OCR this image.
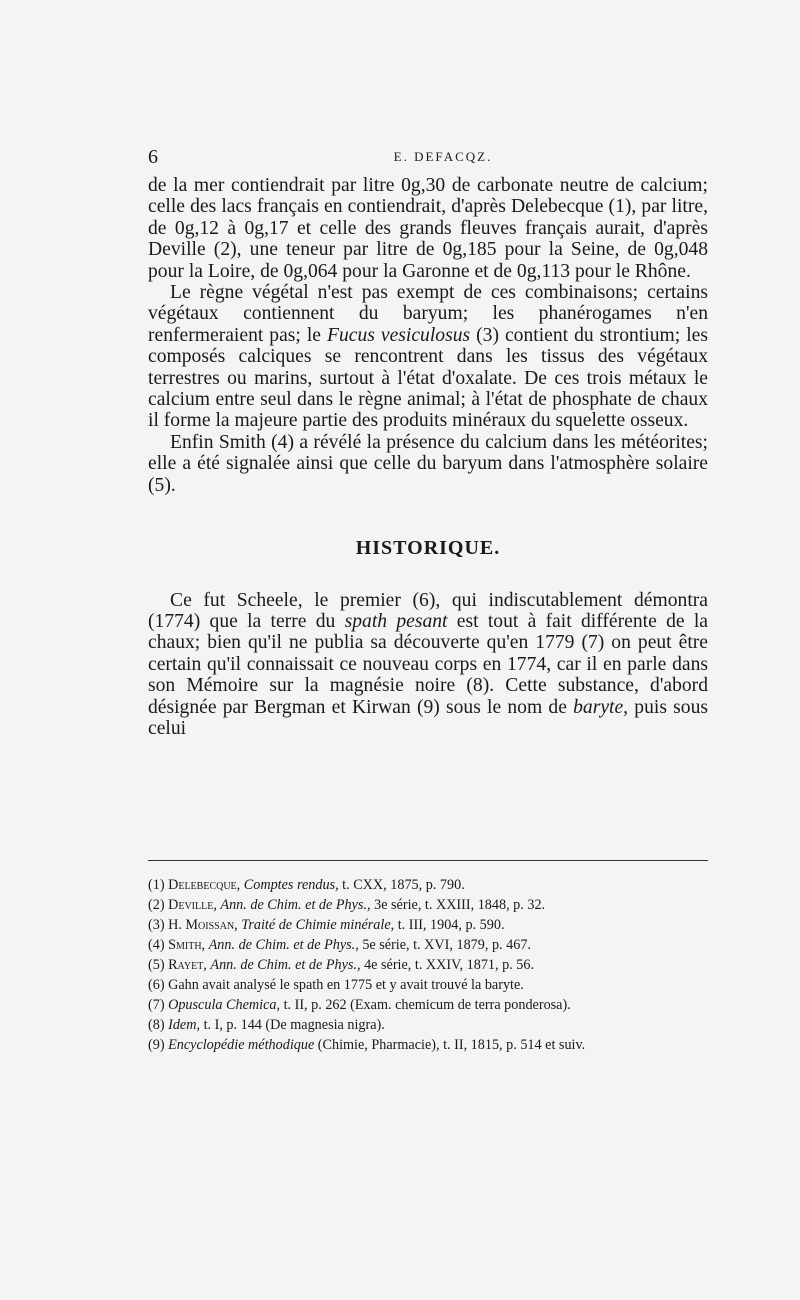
6	E. DEFACQZ.

de la mer contiendrait par litre 0g,30 de carbonate neutre de calcium; celle des lacs français en contiendrait, d'après Delebecque (1), par litre, de 0g,12 à 0g,17 et celle des grands fleuves français aurait, d'après Deville (2), une teneur par litre de 0g,185 pour la Seine, de 0g,048 pour la Loire, de 0g,064 pour la Garonne et de 0g,113 pour le Rhône.

Le règne végétal n'est pas exempt de ces combinaisons; certains végétaux contiennent du baryum; les phanérogames n'en renfermeraient pas; le Fucus vesiculosus (3) contient du strontium; les composés calciques se rencontrent dans les tissus des végétaux terrestres ou marins, surtout à l'état d'oxalate. De ces trois métaux le calcium entre seul dans le règne animal; à l'état de phosphate de chaux il forme la majeure partie des produits minéraux du squelette osseux.

Enfin Smith (4) a révélé la présence du calcium dans les météorites; elle a été signalée ainsi que celle du baryum dans l'atmosphère solaire (5).

HISTORIQUE.

Ce fut Scheele, le premier (6), qui indiscutablement démontra (1774) que la terre du spath pesant est tout à fait différente de la chaux; bien qu'il ne publia sa découverte qu'en 1779 (7) on peut être certain qu'il connaissait ce nouveau corps en 1774, car il en parle dans son Mémoire sur la magnésie noire (8). Cette substance, d'abord désignée par Bergman et Kirwan (9) sous le nom de baryte, puis sous celui

(1) Delebecque, Comptes rendus, t. CXX, 1875, p. 790.

(2) Deville, Ann. de Chim. et de Phys., 3e série, t. XXIII, 1848, p. 32.

(3) H. Moissan, Traité de Chimie minérale, t. III, 1904, p. 590.

(4) Smith, Ann. de Chim. et de Phys., 5e série, t. XVI, 1879, p. 467.

(5) Rayet, Ann. de Chim. et de Phys., 4e série, t. XXIV, 1871, p. 56.

(6) Gahn avait analysé le spath en 1775 et y avait trouvé la baryte.

(7) Opuscula Chemica, t. II, p. 262 (Exam. chemicum de terra ponderosa).

(8) Idem, t. I, p. 144 (De magnesia nigra).

(9) Encyclopédie méthodique (Chimie, Pharmacie), t. II, 1815, p. 514 et suiv.
